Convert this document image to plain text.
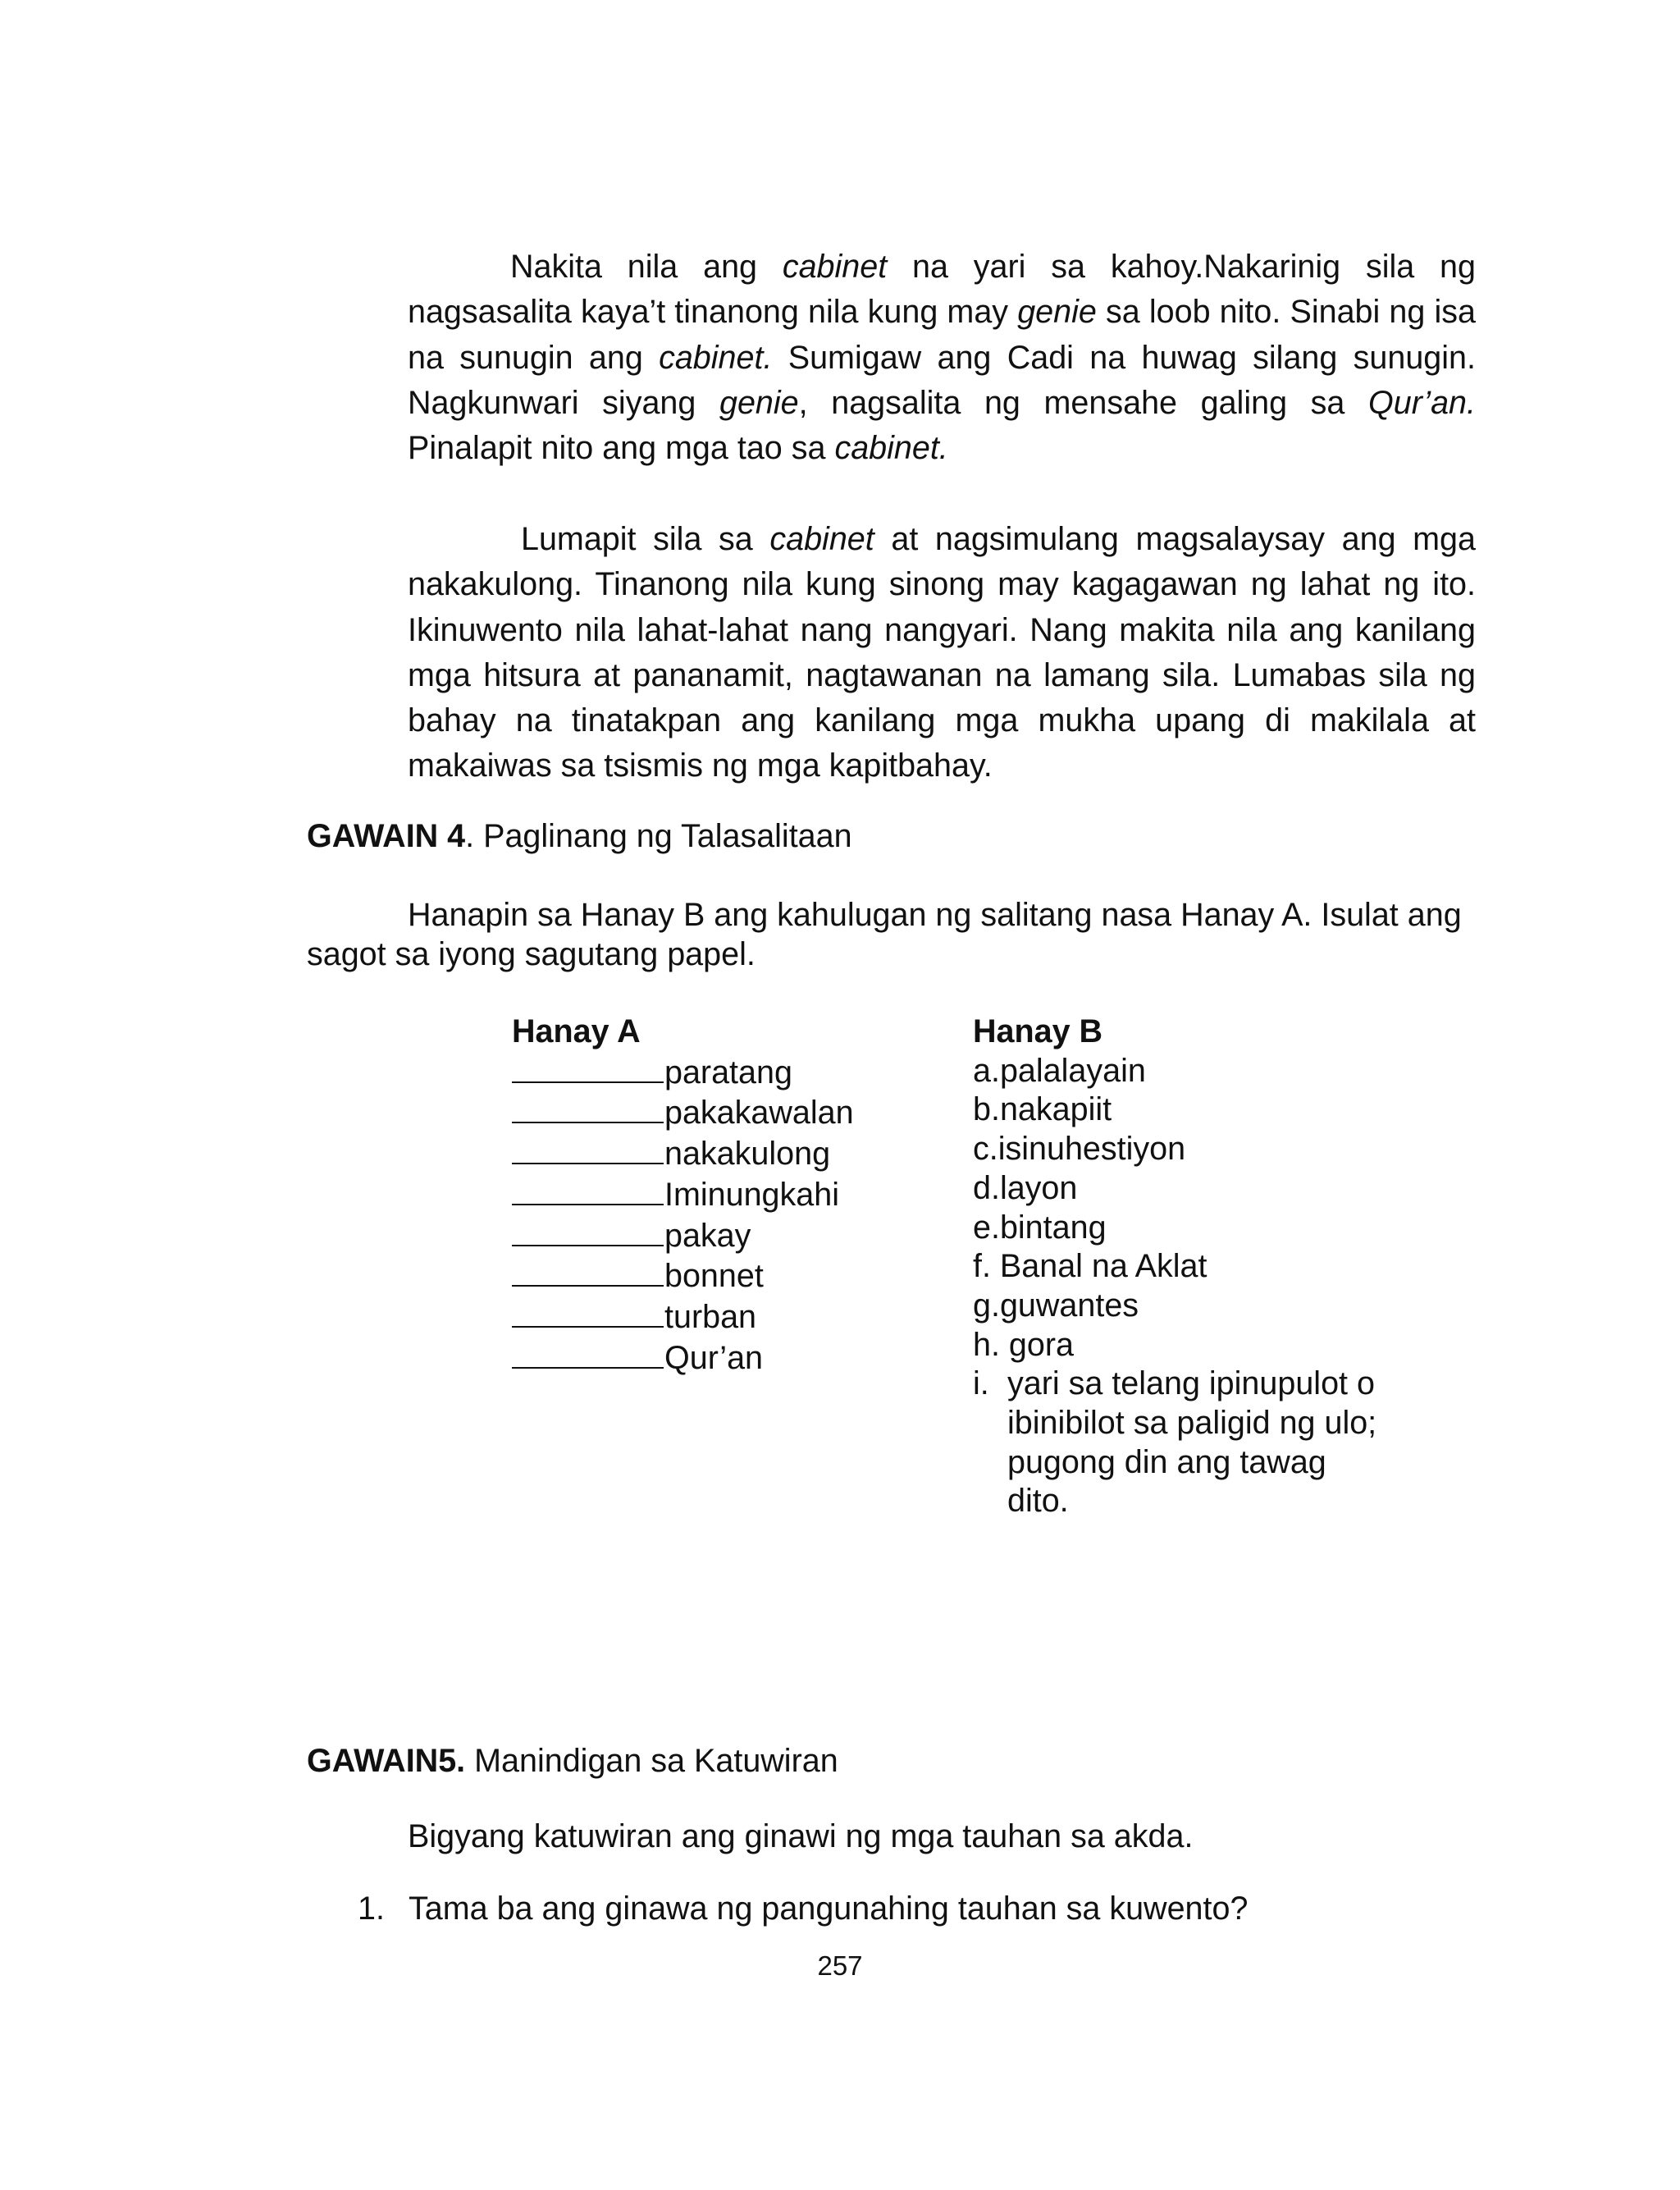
Nakita nila ang cabinet na yari sa kahoy.Nakarinig sila ng nagsasalita kaya’t tinanong nila kung may genie sa loob nito. Sinabi ng isa na sunugin ang cabinet. Sumigaw ang Cadi na huwag silang sunugin. Nagkunwari siyang genie, nagsalita ng mensahe galing sa Qur’an. Pinalapit nito ang mga tao sa cabinet.

Lumapit sila sa cabinet at nagsimulang magsalaysay ang mga nakakulong. Tinanong nila kung sinong may kagagawan ng lahat ng ito. Ikinuwento nila lahat-lahat nang nangyari. Nang makita nila ang kanilang mga hitsura at pananamit, nagtawanan na lamang sila. Lumabas sila ng bahay na tinatakpan ang kanilang mga mukha upang di makilala at makaiwas sa tsismis ng mga kapitbahay.

GAWAIN 4. Paglinang ng Talasalitaan
Hanapin sa Hanay B ang kahulugan ng salitang nasa Hanay A. Isulat ang sagot sa iyong sagutang papel.
Hanay A
paratang
pakakawalan
nakakulong
Iminungkahi
pakay
bonnet
turban
Qur’an
Hanay B
a.palalayain
b.nakapiit
c.isinuhestiyon
d.layon
e.bintang
f. Banal na Aklat
g.guwantes
h. gora
i. yari sa telang ipinupulot o ibinibilot sa paligid ng ulo; pugong din ang tawag dito.
GAWAIN5. Manindigan sa Katuwiran
Bigyang katuwiran ang ginawi ng mga tauhan sa akda.
1. Tama ba ang ginawa ng pangunahing tauhan sa kuwento?
257
